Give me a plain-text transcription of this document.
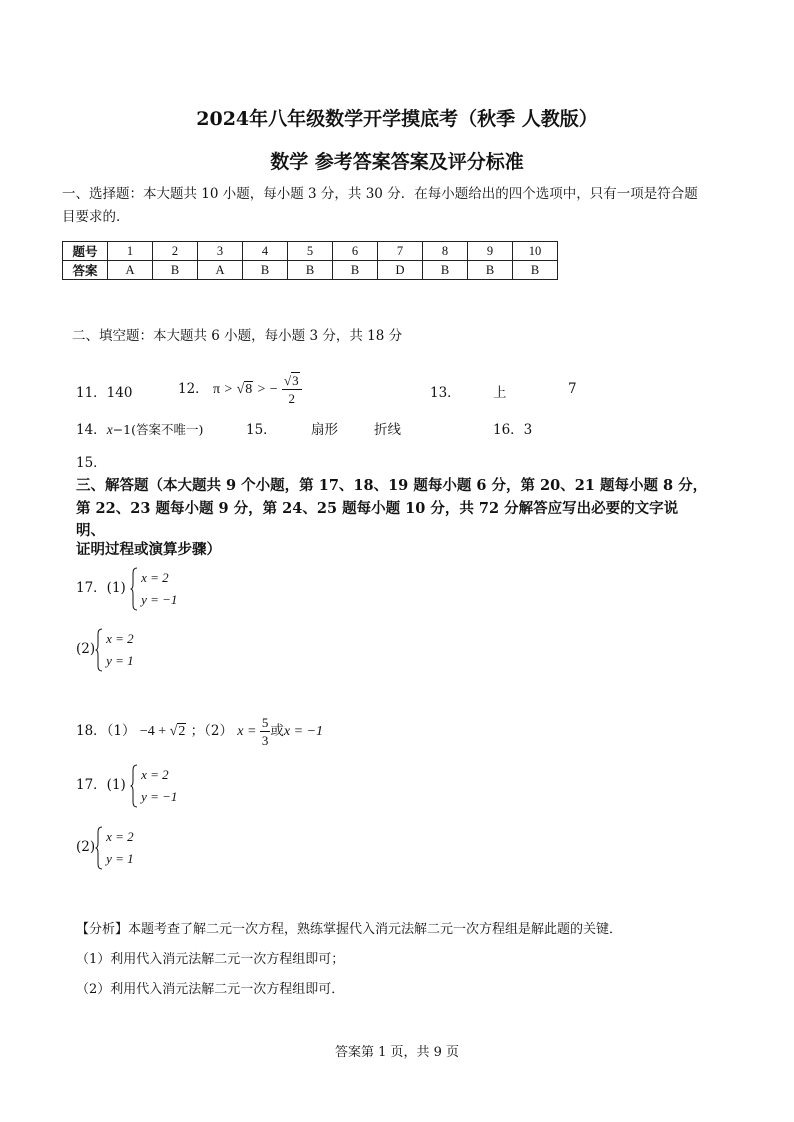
2024年八年级数学开学摸底考（秋季 人教版）
数学 参考答案答案及评分标准
一、选择题：本大题共 10 小题，每小题 3 分，共 30 分．在每小题给出的四个选项中，只有一项是符合题
目要求的．
题号	1	2	3	4	5	6	7	8	9	10
答案	A	B	A	B	B	B	D	B	B	B
二、填空题：本大题共 6 小题，每小题 3 分，共 18 分
11．140	12． π > √8 > − $\frac{√3}{2}$	13． 上	7
14．x−1(答案不唯一)	15．	扇形	折线	16．3
15．
三、解答题（本大题共 9 个小题，第 17、18、19 题每小题 6 分，第 20、21 题每小题 8 分，
第 22、23 题每小题 9 分，第 24、25 题每小题 10 分，共 72 分解答应写出必要的文字说
明、
证明过程或演算步骤）
17．(1)
x = 2
y = −1
(2)
x = 2
y = 1
18．（1） −4 + √2 ；（2） $x = \frac{5}{3}$ 或x = −1
17．(1)
x = 2
y = −1
(2)
x = 2
y = 1
【分析】本题考查了解二元一次方程，熟练掌握代入消元法解二元一次方程组是解此题的关键．
（1）利用代入消元法解二元一次方程组即可；
（2）利用代入消元法解二元一次方程组即可．
答案第 1 页，共 9 页
